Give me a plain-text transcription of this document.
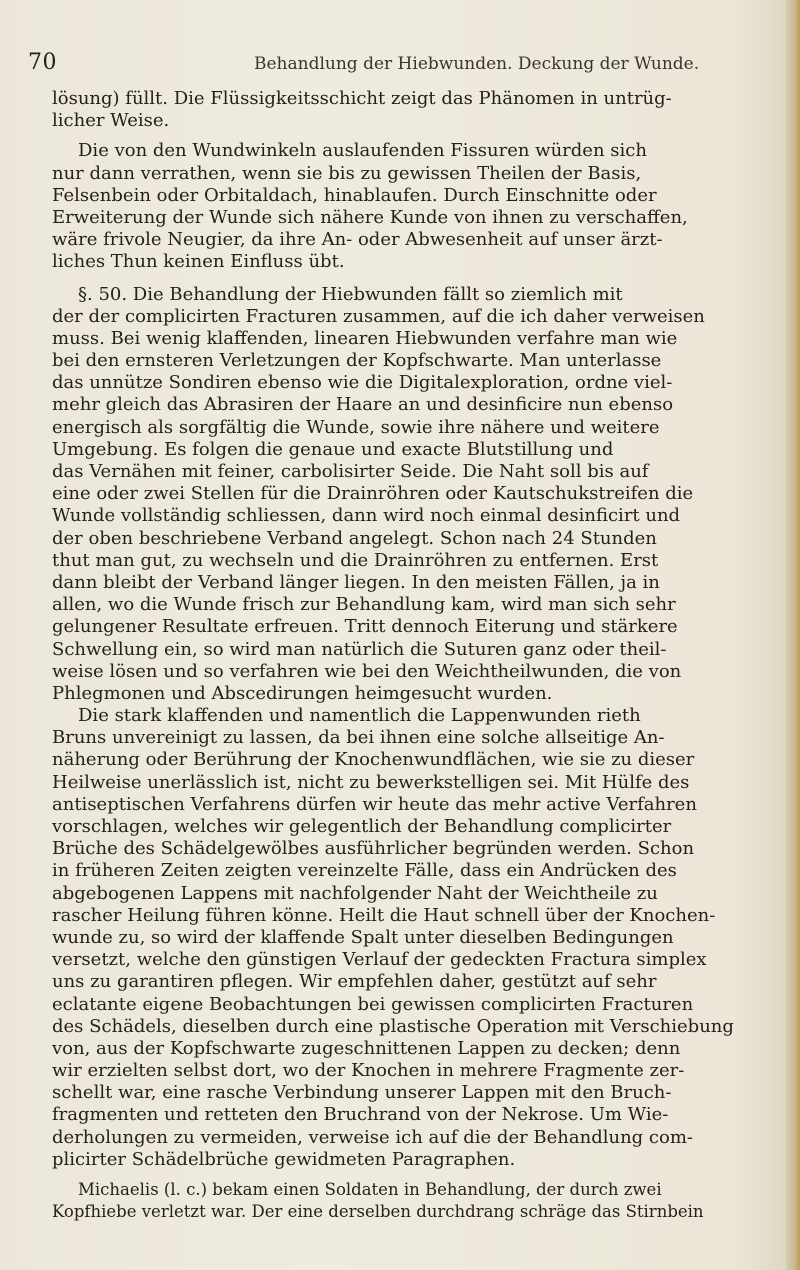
70	Behandlung der Hiebwunden. Deckung der Wunde.
lösung) füllt. Die Flüssigkeitsschicht zeigt das Phänomen in untrüg-
licher Weise.
Die von den Wundwinkeln auslaufenden Fissuren würden sich
nur dann verrathen, wenn sie bis zu gewissen Theilen der Basis,
Felsenbein oder Orbitaldach, hinablaufen. Durch Einschnitte oder
Erweiterung der Wunde sich nähere Kunde von ihnen zu verschaffen,
wäre frivole Neugier, da ihre An- oder Abwesenheit auf unser ärzt-
liches Thun keinen Einfluss übt.
§. 50. Die Behandlung der Hiebwunden fällt so ziemlich mit
der der complicirten Fracturen zusammen, auf die ich daher verweisen
muss. Bei wenig klaffenden, linearen Hiebwunden verfahre man wie
bei den ernsteren Verletzungen der Kopfschwarte. Man unterlasse
das unnütze Sondiren ebenso wie die Digitalexploration, ordne viel-
mehr gleich das Abrasiren der Haare an und desinficire nun ebenso
energisch als sorgfältig die Wunde, sowie ihre nähere und weitere
Umgebung. Es folgen die genaue und exacte Blutstillung und
das Vernähen mit feiner, carbolisirter Seide. Die Naht soll bis auf
eine oder zwei Stellen für die Drainröhren oder Kautschukstreifen die
Wunde vollständig schliessen, dann wird noch einmal desinficirt und
der oben beschriebene Verband angelegt. Schon nach 24 Stunden
thut man gut, zu wechseln und die Drainröhren zu entfernen. Erst
dann bleibt der Verband länger liegen. In den meisten Fällen, ja in
allen, wo die Wunde frisch zur Behandlung kam, wird man sich sehr
gelungener Resultate erfreuen. Tritt dennoch Eiterung und stärkere
Schwellung ein, so wird man natürlich die Suturen ganz oder theil-
weise lösen und so verfahren wie bei den Weichtheilwunden, die von
Phlegmonen und Abscedirungen heimgesucht wurden.
Die stark klaffenden und namentlich die Lappenwunden rieth
Bruns unvereinigt zu lassen, da bei ihnen eine solche allseitige An-
näherung oder Berührung der Knochenwundflächen, wie sie zu dieser
Heilweise unerlässlich ist, nicht zu bewerkstelligen sei. Mit Hülfe des
antiseptischen Verfahrens dürfen wir heute das mehr active Verfahren
vorschlagen, welches wir gelegentlich der Behandlung complicirter
Brüche des Schädelgewölbes ausführlicher begründen werden. Schon
in früheren Zeiten zeigten vereinzelte Fälle, dass ein Andrücken des
abgebogenen Lappens mit nachfolgender Naht der Weichtheile zu
rascher Heilung führen könne. Heilt die Haut schnell über der Knochen-
wunde zu, so wird der klaffende Spalt unter dieselben Bedingungen
versetzt, welche den günstigen Verlauf der gedeckten Fractura simplex
uns zu garantiren pflegen. Wir empfehlen daher, gestützt auf sehr
eclatante eigene Beobachtungen bei gewissen complicirten Fracturen
des Schädels, dieselben durch eine plastische Operation mit Verschiebung
von, aus der Kopfschwarte zugeschnittenen Lappen zu decken; denn
wir erzielten selbst dort, wo der Knochen in mehrere Fragmente zer-
schellt war, eine rasche Verbindung unserer Lappen mit den Bruch-
fragmenten und retteten den Bruchrand von der Nekrose. Um Wie-
derholungen zu vermeiden, verweise ich auf die der Behandlung com-
plicirter Schädelbrüche gewidmeten Paragraphen.
Michaelis (l. c.) bekam einen Soldaten in Behandlung, der durch zwei
Kopfhiebe verletzt war. Der eine derselben durchdrang schräge das Stirnbein
